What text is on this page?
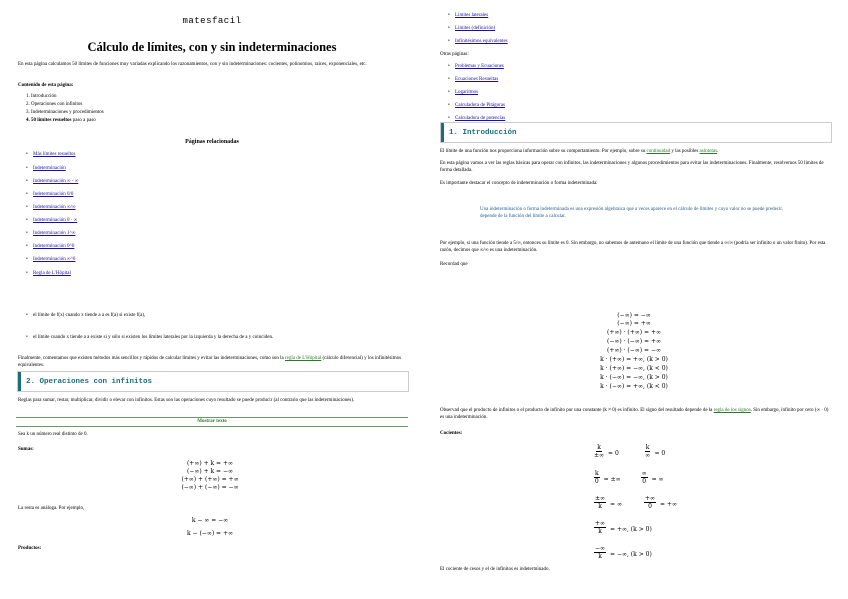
matesfacil
Cálculo de límites, con y sin indeterminaciones
En esta página calculamos 50 límites de funciones muy variadas explicando los razonamientos, con y sin indeterminaciones: cocientes, polinomios, raíces, exponenciales, etc.
Contenido de esta página:
1. Introducción
2. Operaciones con infinitos
3. Indeterminaciones y procedimientos
4. 50 límites resueltos paso a paso
Páginas relacionadas
• Más límites resueltos
• Indeterminación
• Indeterminación ∞ - ∞
• Indeterminación 0/0
• Indeterminación ∞/∞
• Indeterminación 0 · ∞
• Indeterminación 1^∞
• Indeterminación 0^0
• Indeterminación ∞^0
• Regla de L'Hôpital
• el límite de f(x) cuando x tiende a a es f(a) si existe f(a),
• el límite cuando x tiende a a existe si y sólo si existen los límites laterales por la izquierda y la derecha de a y coinciden.
Finalmente, comentamos que existen métodos más sencillos y rápidos de calcular límites y evitar las indeterminaciones, como son la regla de L'Hôpital (cálculo diferencial) y los infinitésimos equivalentes.
2. Operaciones con infinitos
Reglas para sumar, restar, multiplicar, dividir o elevar con infinitos. Estas son las operaciones cuyo resultado se puede producir (al contrario que las indeterminaciones).
Mostrar texto
Sea k un número real distinto de 0.
Sumas:
(+∞) + k = +∞
(−∞) + k = −∞
(+∞) + (+∞) = +∞
(−∞) + (−∞) = −∞
La resta es análoga. Por ejemplo,
k − ∞ = −∞
k − (−∞) = +∞
Productos:
• Límites laterales
• Límites (definición)
• Infinitésimos equivalentes
Otras páginas:
• Problemas y Ecuaciones
• Ecuaciones Resueltas
• Logaritmos
• Calculadora de Pitágoras
• Calculadora de potencias
1. Introducción
El límite de una función nos proporciona información sobre su comportamiento. Por ejemplo, sobre su continuidad y las posibles asíntotas.
En esta página vamos a ver las reglas básicas para operar con infinitos, las indeterminaciones y algunos procedimientos para evitar las indeterminaciones. Finalmente, resolvemos 50 límites de forma detallada.
Es importante destacar el concepto de indeterminación o forma indeterminada:
Una indeterminación o forma indeterminada es una expresión algebraica que a veces aparece en el cálculo de límites y cuyo valor no se puede predecir, depende de la función del límite a calcular.
Por ejemplo, si una función tiende a 5/∞, entonces su límite es 0. Sin embargo, no sabemos de antemano el límite de una función que tiende a ∞/∞ (podría ser infinito o un valor finito). Por esta razón, decimos que ∞/∞ es una indeterminación.
Recordad que
(−∞) = −∞
(−∞) = +∞
(+∞) · (+∞) = +∞
(−∞) · (−∞) = +∞
(+∞) · (−∞) = −∞
k · (+∞) = +∞, (k > 0)
k · (+∞) = −∞, (k < 0)
k · (−∞) = −∞, (k > 0)
k · (−∞) = +∞, (k < 0)
Observad que el producto de infinitos o el producto de infinito por una constante (k ≠ 0) es infinito. El signo del resultado depende de la regla de los signos. Sin embargo, infinito por cero (∞ · 0) es una indeterminación.
Cocientes:
$\frac{k}{\pm\infty} = 0$	$\frac{k}{\infty} = 0$
$\frac{k}{0}$ = ±∞	$\frac{\infty}{0}$ = ∞
$\frac{\pm\infty}{k}$ = ∞	$\frac{+\infty}{0}$ = +∞
$\frac{+\infty}{k}$ = +∞, (k > 0)
$\frac{-\infty}{k}$ = −∞, (k > 0)
El cociente de cesos y el de infinitos es indeterminado.
